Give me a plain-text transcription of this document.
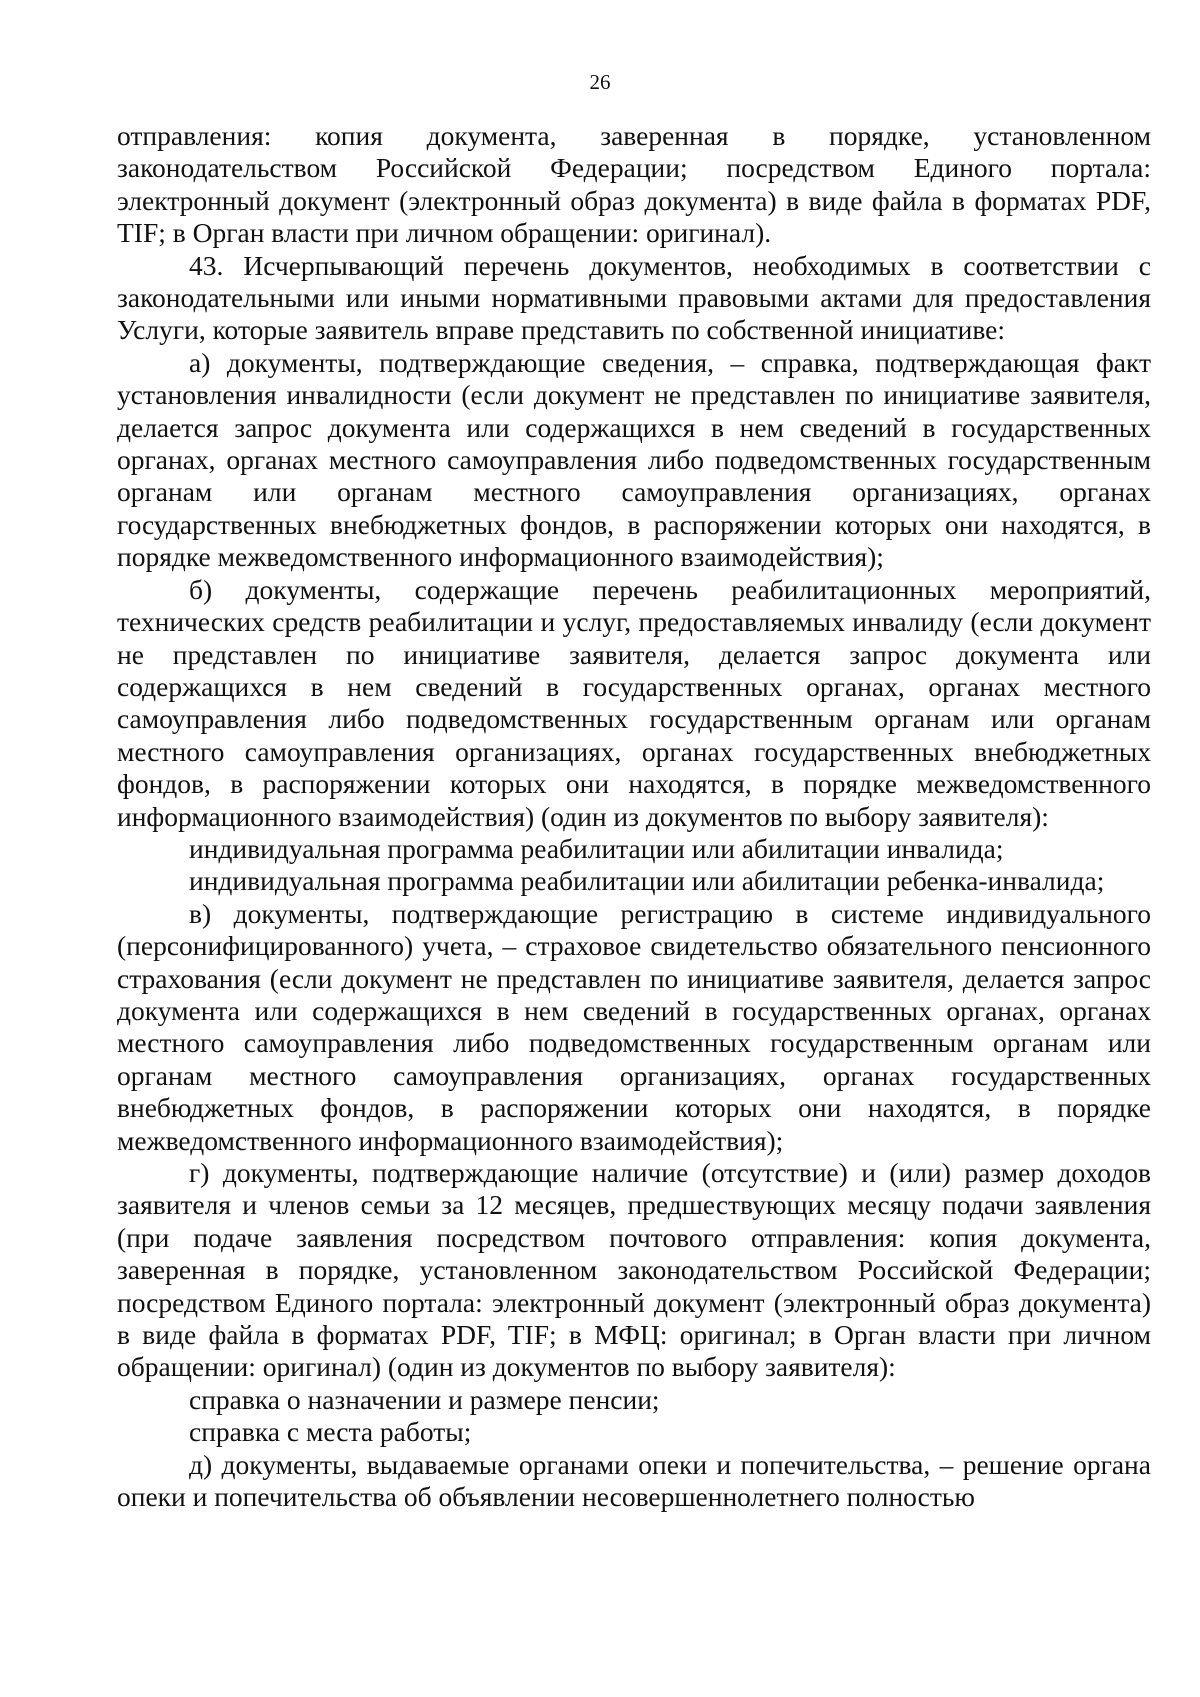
26

отправления: копия документа, заверенная в порядке, установленном законодательством Российской Федерации; посредством Единого портала: электронный документ (электронный образ документа) в виде файла в форматах PDF, TIF; в Орган власти при личном обращении: оригинал).

43. Исчерпывающий перечень документов, необходимых в соответствии с законодательными или иными нормативными правовыми актами для предоставления Услуги, которые заявитель вправе представить по собственной инициативе:

а) документы, подтверждающие сведения, – справка, подтверждающая факт установления инвалидности (если документ не представлен по инициативе заявителя, делается запрос документа или содержащихся в нем сведений в государственных органах, органах местного самоуправления либо подведомственных государственным органам или органам местного самоуправления организациях, органах государственных внебюджетных фондов, в распоряжении которых они находятся, в порядке межведомственного информационного взаимодействия);

б) документы, содержащие перечень реабилитационных мероприятий, технических средств реабилитации и услуг, предоставляемых инвалиду (если документ не представлен по инициативе заявителя, делается запрос документа или содержащихся в нем сведений в государственных органах, органах местного самоуправления либо подведомственных государственным органам или органам местного самоуправления организациях, органах государственных внебюджетных фондов, в распоряжении которых они находятся, в порядке межведомственного информационного взаимодействия) (один из документов по выбору заявителя):

индивидуальная программа реабилитации или абилитации инвалида;

индивидуальная программа реабилитации или абилитации ребенка-инвалида;

в) документы, подтверждающие регистрацию в системе индивидуального (персонифицированного) учета, – страховое свидетельство обязательного пенсионного страхования (если документ не представлен по инициативе заявителя, делается запрос документа или содержащихся в нем сведений в государственных органах, органах местного самоуправления либо подведомственных государственным органам или органам местного самоуправления организациях, органах государственных внебюджетных фондов, в распоряжении которых они находятся, в порядке межведомственного информационного взаимодействия);

г) документы, подтверждающие наличие (отсутствие) и (или) размер доходов заявителя и членов семьи за 12 месяцев, предшествующих месяцу подачи заявления (при подаче заявления посредством почтового отправления: копия документа, заверенная в порядке, установленном законодательством Российской Федерации; посредством Единого портала: электронный документ (электронный образ документа) в виде файла в форматах PDF, TIF; в МФЦ: оригинал; в Орган власти при личном обращении: оригинал) (один из документов по выбору заявителя):

справка о назначении и размере пенсии;

справка с места работы;

д) документы, выдаваемые органами опеки и попечительства, – решение органа опеки и попечительства об объявлении несовершеннолетнего полностью
